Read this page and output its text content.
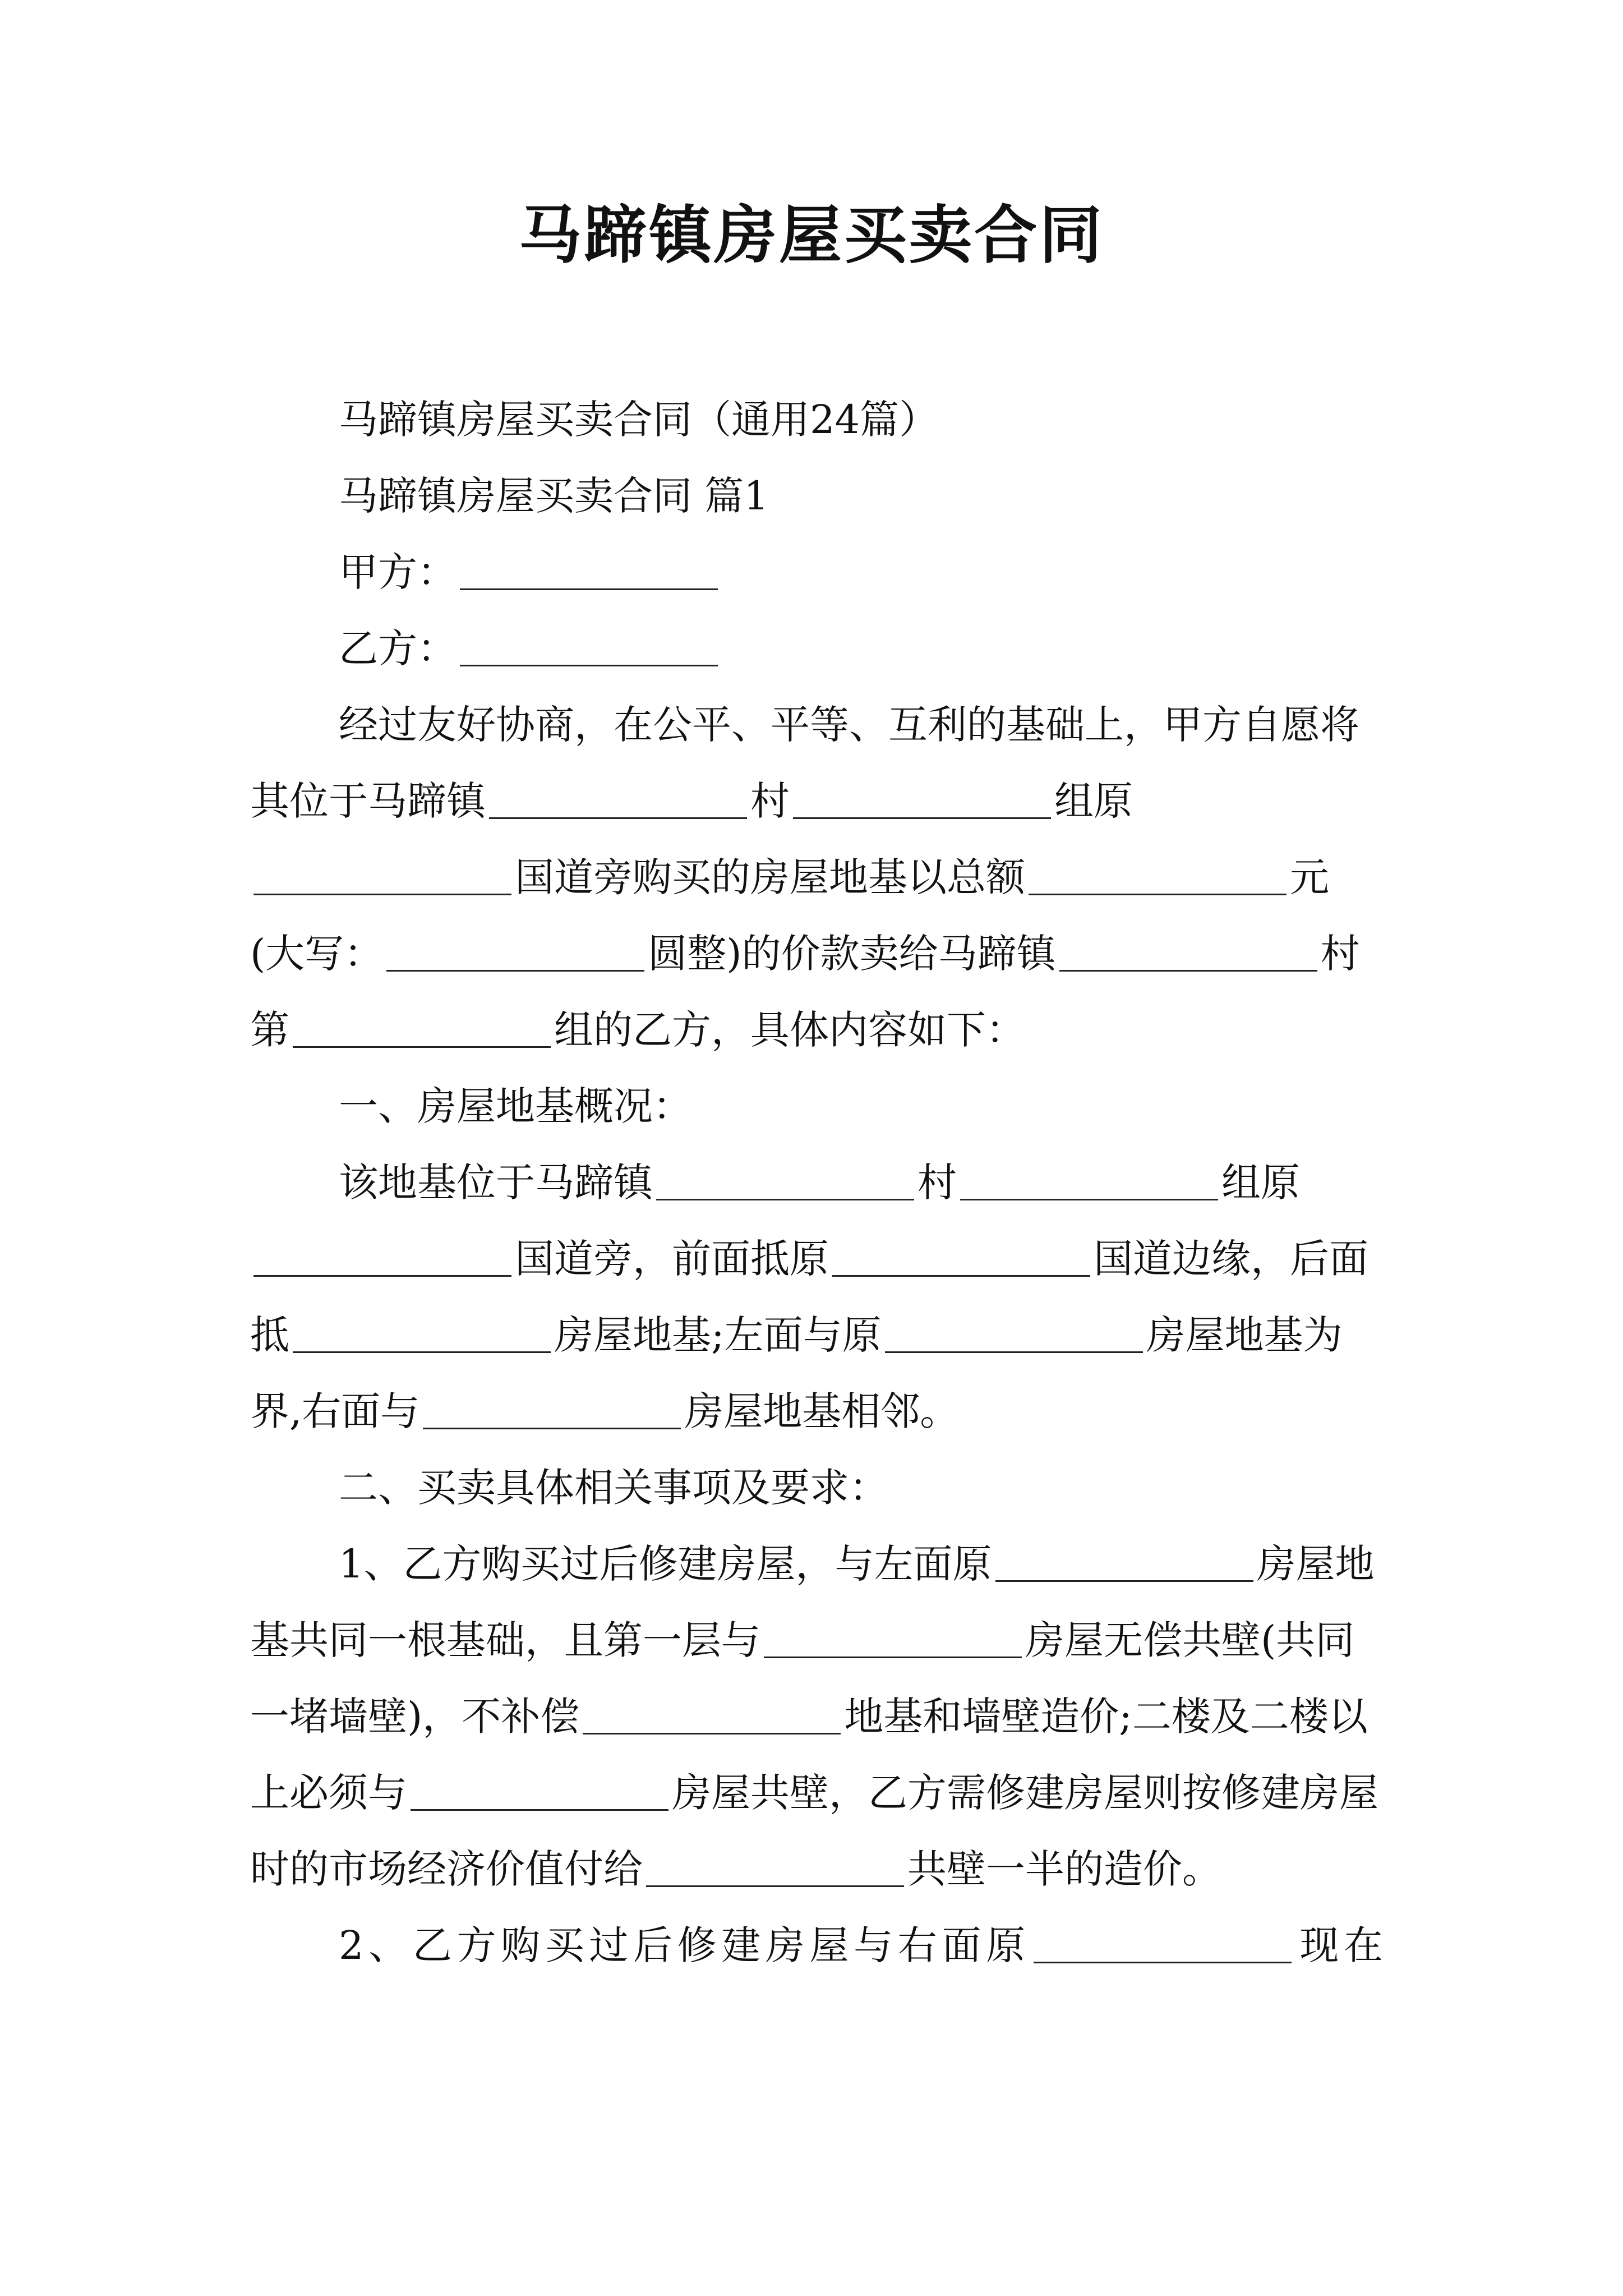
马蹄镇房屋买卖合同

马蹄镇房屋买卖合同（通用24篇）

马蹄镇房屋买卖合同 篇1

甲方：

乙方：

经过友好协商，在公平、平等、互利的基础上，甲方自愿将其位于马蹄镇	村	组原国道旁购买的房屋地基以总额	元(大写：	圆整)的价款卖给马蹄镇	村第	组的乙方，具体内容如下：

一、房屋地基概况：

该地基位于马蹄镇	村	组原国道旁，前面抵原	国道边缘，后面抵	房屋地基;左面与原	房屋地基为界,右面与	房屋地基相邻。

二、买卖具体相关事项及要求：

1、乙方购买过后修建房屋，与左面原	房屋地基共同一根基础，且第一层与	房屋无偿共壁(共同一堵墙壁)，不补偿	地基和墙壁造价;二楼及二楼以上必须与	房屋共壁，乙方需修建房屋则按修建房屋时的市场经济价值付给	共壁一半的造价。

2、乙方购买过后修建房屋与右面原	现在
